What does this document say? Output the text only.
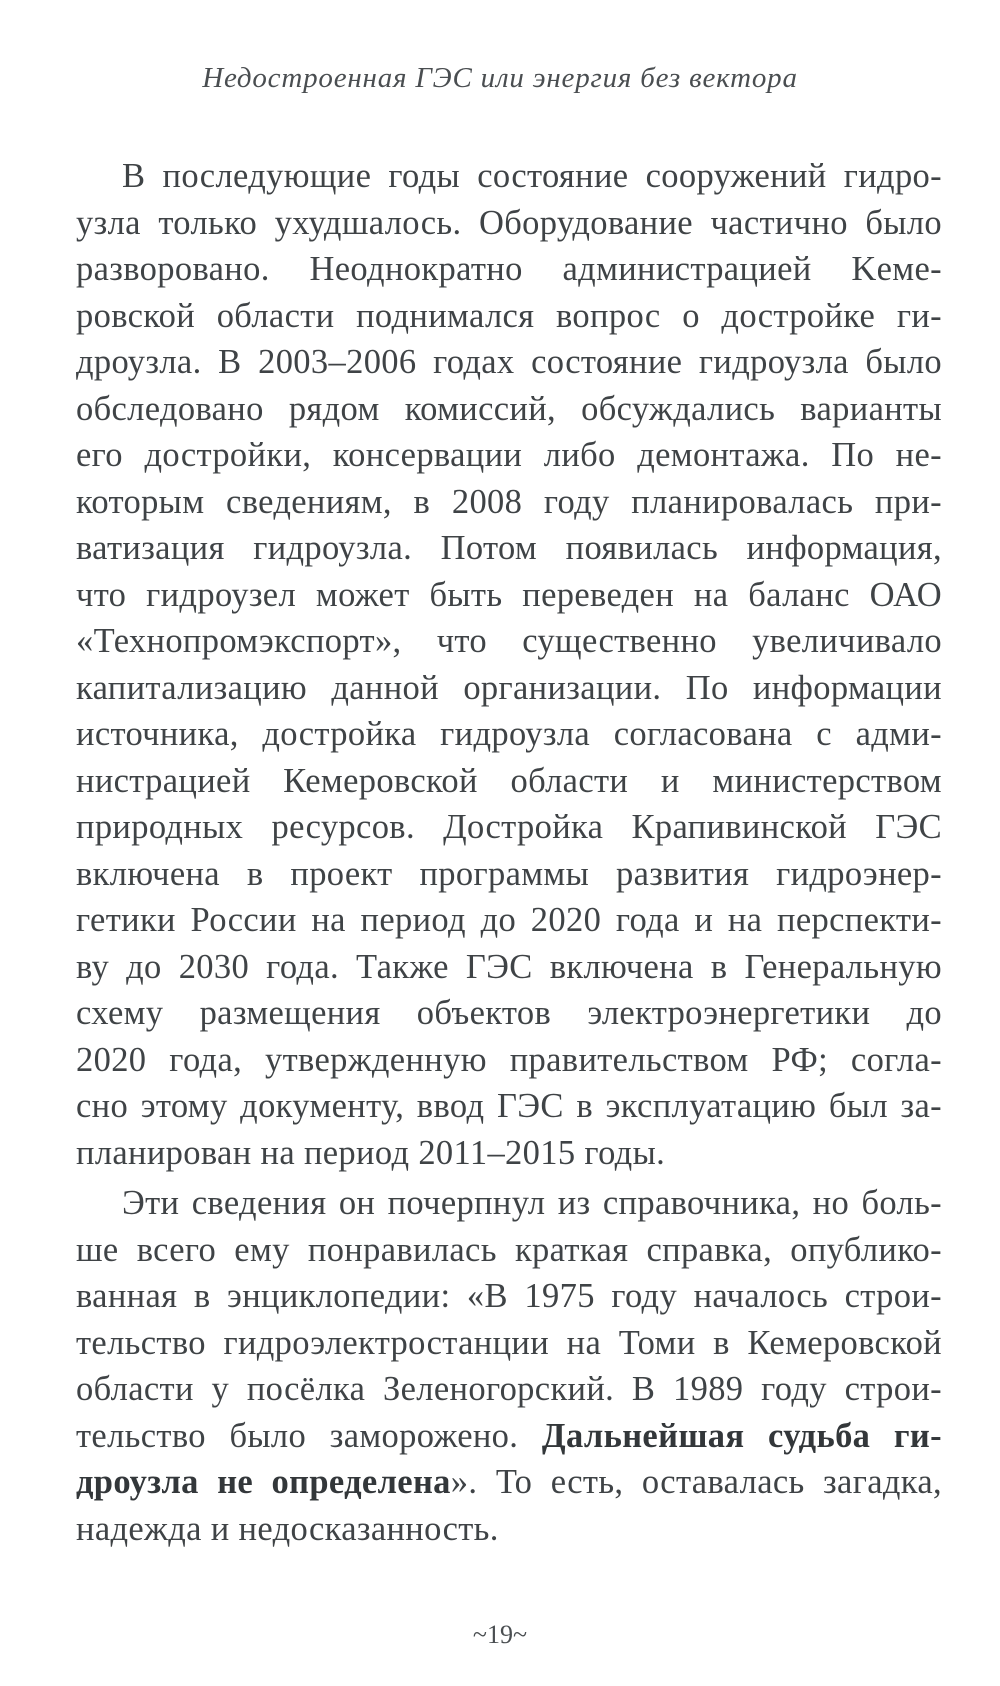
Недостроенная ГЭС или энергия без вектора
В последующие годы состояние сооружений гидро-
узла только ухудшалось. Оборудование частично было
разворовано. Неоднократно администрацией Keме-
ровской области поднимался вопрос о достройке ги-
дроузла. В 2003–2006 годах состояние гидроузла было
обследовано рядом комиссий, обсуждались варианты
его достройки, консервации либо демонтажа. По не-
которым сведениям, в 2008 году планировалась при-
ватизация гидроузла. Потом появилась информация,
что гидроузел может быть переведен на баланс ОАО
«Технопромэкспорт», что существенно увеличивало
капитализацию данной организации. По информации
источника, достройка гидроузла согласована с адми-
нистрацией Кемеровской области и министерством
природных ресурсов. Достройка Крапивинской ГЭС
включена в проект программы развития гидроэнер-
гетики России на период до 2020 года и на перспекти-
ву до 2030 года. Также ГЭС включена в Генеральную
схему размещения объектов электроэнергетики до
2020 года, утвержденную правительством РФ; согла-
сно этому документу, ввод ГЭС в эксплуатацию был за-
планирован на период 2011–2015 годы.
Эти сведения он почерпнул из справочника, но боль-
ше всего ему понравилась краткая справка, опублико-
ванная в энциклопедии: «В 1975 году началось строи-
тельство гидроэлектростанции на Томи в Кемеровской
области у посёлка Зеленогорский. В 1989 году строи-
тельство было заморожено. Дальнейшая судьба ги-
дроузла не определена». То есть, оставалась загадка,
надежда и недосказанность.
~19~
